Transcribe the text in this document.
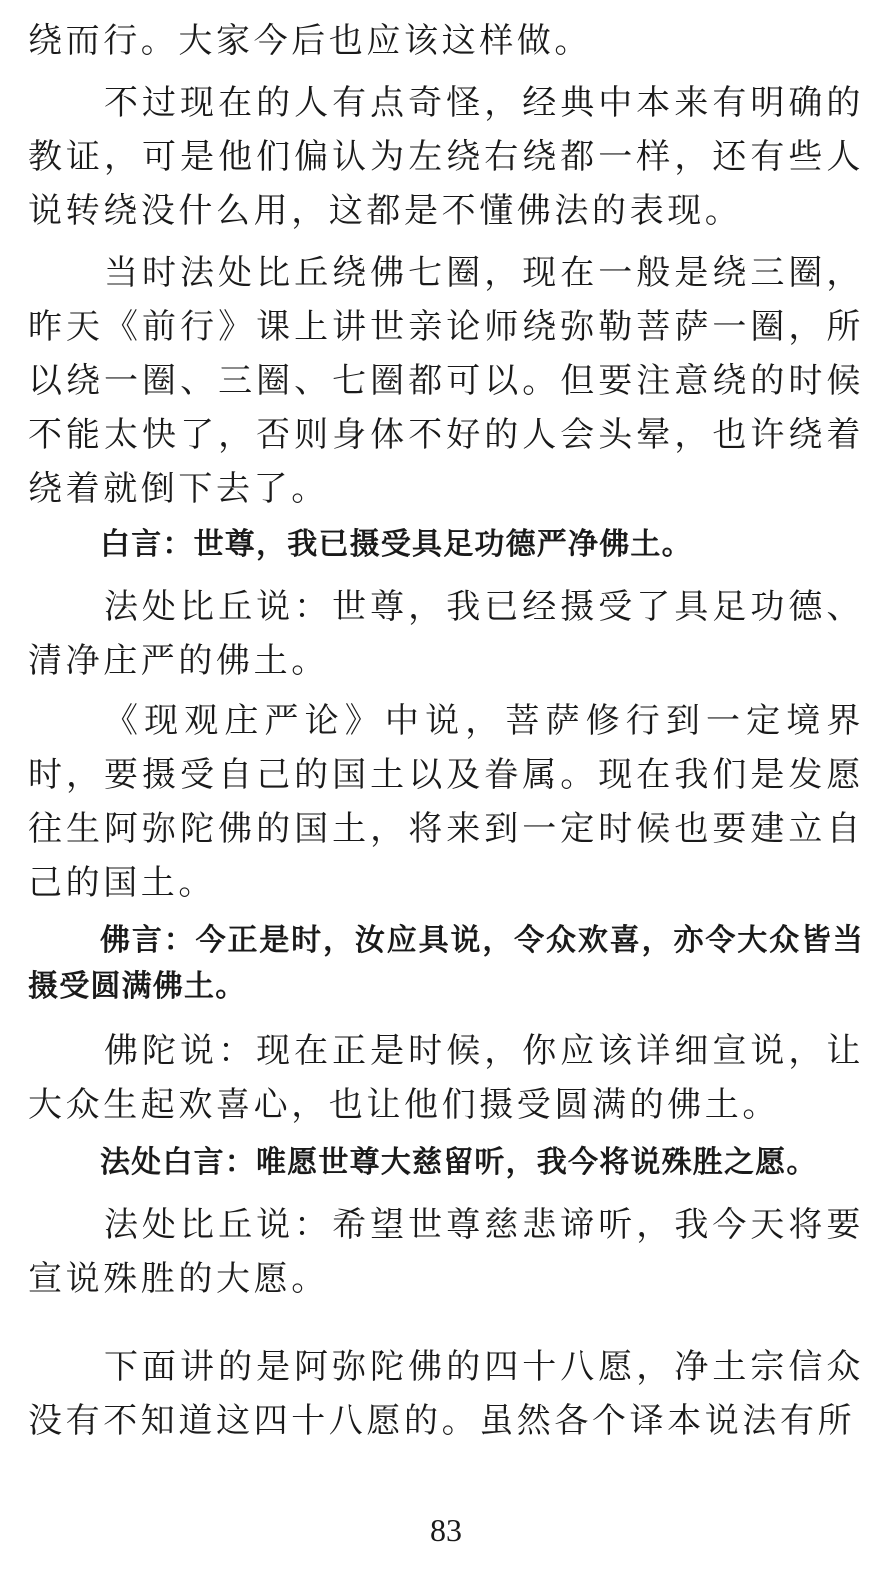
绕而行。大家今后也应该这样做。

不过现在的人有点奇怪，经典中本来有明确的教证，可是他们偏认为左绕右绕都一样，还有些人说转绕没什么用，这都是不懂佛法的表现。

当时法处比丘绕佛七圈，现在一般是绕三圈，昨天《前行》课上讲世亲论师绕弥勒菩萨一圈，所以绕一圈、三圈、七圈都可以。但要注意绕的时候不能太快了，否则身体不好的人会头晕，也许绕着绕着就倒下去了。

白言：世尊，我已摄受具足功德严净佛土。

法处比丘说：世尊，我已经摄受了具足功德、清净庄严的佛土。

《现观庄严论》中说，菩萨修行到一定境界时，要摄受自己的国土以及眷属。现在我们是发愿往生阿弥陀佛的国土，将来到一定时候也要建立自己的国土。

佛言：今正是时，汝应具说，令众欢喜，亦令大众皆当摄受圆满佛土。

佛陀说：现在正是时候，你应该详细宣说，让大众生起欢喜心，也让他们摄受圆满的佛土。

法处白言：唯愿世尊大慈留听，我今将说殊胜之愿。

法处比丘说：希望世尊慈悲谛听，我今天将要宣说殊胜的大愿。

下面讲的是阿弥陀佛的四十八愿，净土宗信众没有不知道这四十八愿的。虽然各个译本说法有所

83
